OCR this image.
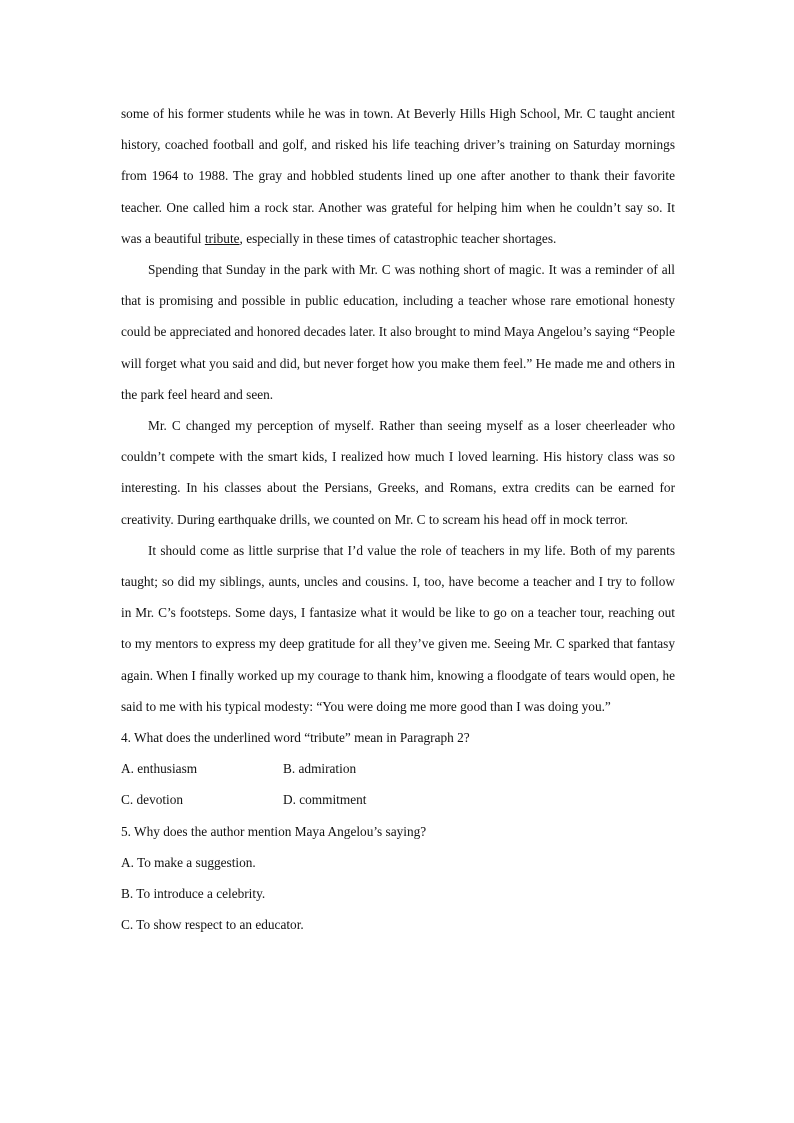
some of his former students while he was in town. At Beverly Hills High School, Mr. C taught ancient history, coached football and golf, and risked his life teaching driver’s training on Saturday mornings from 1964 to 1988. The gray and hobbled students lined up one after another to thank their favorite teacher. One called him a rock star. Another was grateful for helping him when he couldn’t say so. It was a beautiful tribute, especially in these times of catastrophic teacher shortages.

Spending that Sunday in the park with Mr. C was nothing short of magic. It was a reminder of all that is promising and possible in public education, including a teacher whose rare emotional honesty could be appreciated and honored decades later. It also brought to mind Maya Angelou’s saying “People will forget what you said and did, but never forget how you make them feel.” He made me and others in the park feel heard and seen.

Mr. C changed my perception of myself. Rather than seeing myself as a loser cheerleader who couldn’t compete with the smart kids, I realized how much I loved learning. His history class was so interesting. In his classes about the Persians, Greeks, and Romans, extra credits can be earned for creativity. During earthquake drills, we counted on Mr. C to scream his head off in mock terror.

It should come as little surprise that I’d value the role of teachers in my life. Both of my parents taught; so did my siblings, aunts, uncles and cousins. I, too, have become a teacher and I try to follow in Mr. C’s footsteps. Some days, I fantasize what it would be like to go on a teacher tour, reaching out to my mentors to express my deep gratitude for all they’ve given me. Seeing Mr. C sparked that fantasy again. When I finally worked up my courage to thank him, knowing a floodgate of tears would open, he said to me with his typical modesty: “You were doing me more good than I was doing you.”

4. What does the underlined word “tribute” mean in Paragraph 2?

A. enthusiasm	B. admiration
C. devotion	D. commitment

5. Why does the author mention Maya Angelou’s saying?

A. To make a suggestion.

B. To introduce a celebrity.

C. To show respect to an educator.
